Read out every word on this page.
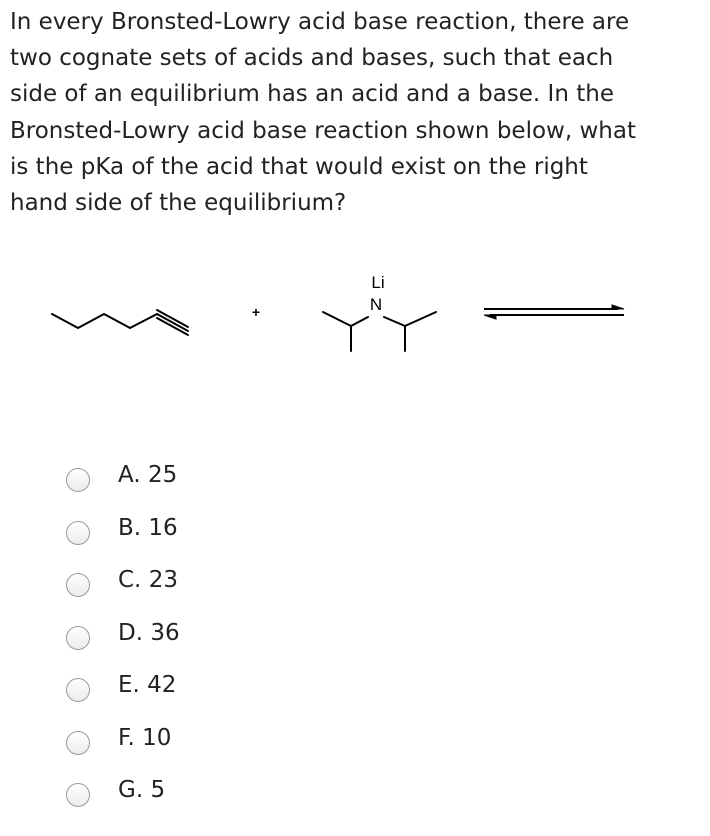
In every Bronsted-Lowry acid base reaction, there are
two cognate sets of acids and bases, such that each
side of an equilibrium has an acid and a base. In the
Bronsted-Lowry acid base reaction shown below, what
is the pKa of the acid that would exist on the right
hand side of the equilibrium?
+
Li
N
A. 25
B. 16
C. 23
D. 36
E. 42
F. 10
G. 5
